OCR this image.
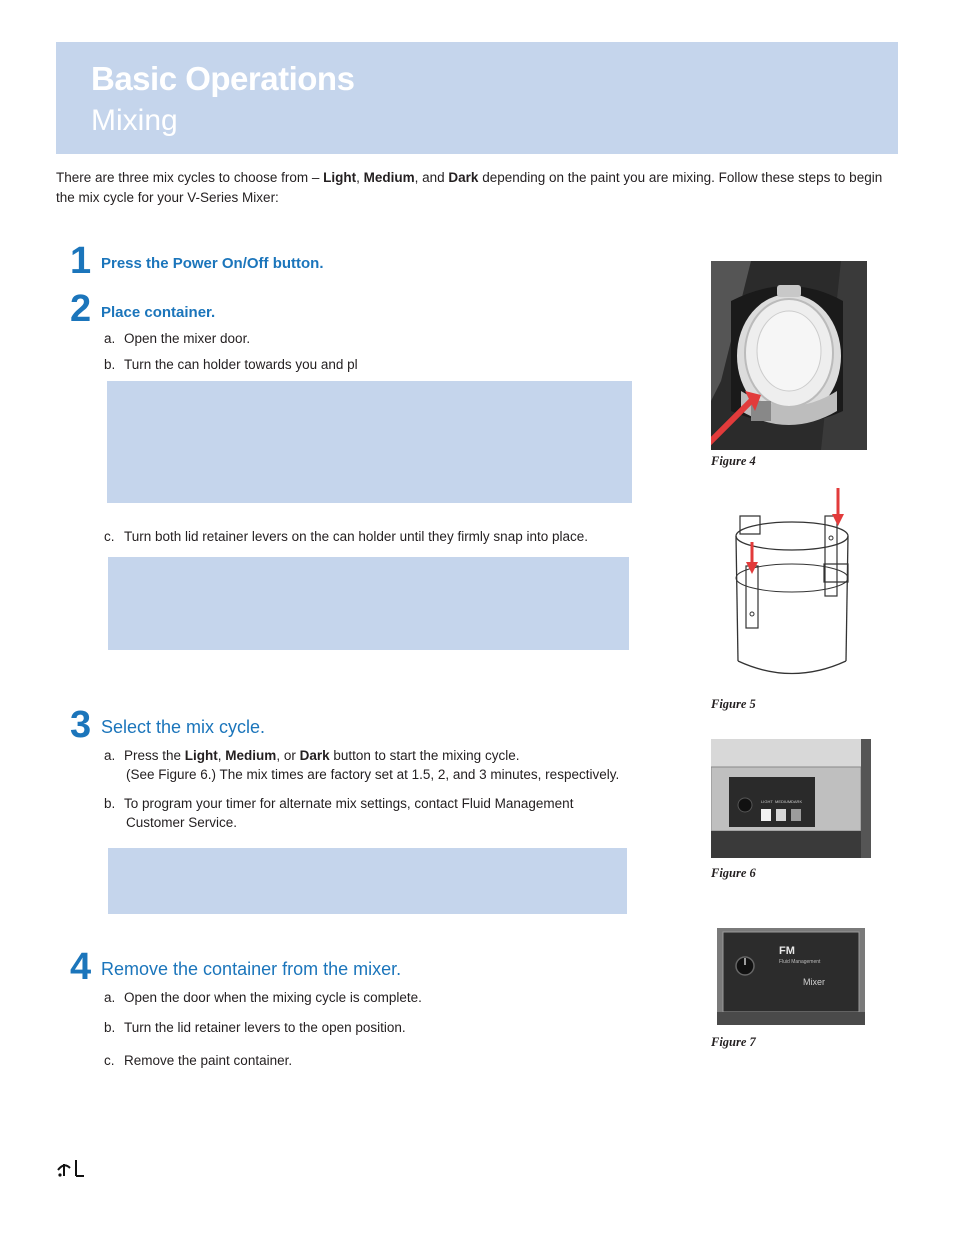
Basic Operations
Mixing
There are three mix cycles to choose from – Light, Medium, and Dark depending on the paint you are mixing. Follow these steps to begin the mix cycle for your V-Series Mixer:
1 Press the Power On/Off button.
2 Place container.
a. Open the mixer door.
b. Turn the can holder towards you and pl
c. Turn both lid retainer levers on the can holder until they firmly snap into place.
3 Select the mix cycle.
a. Press the Light, Medium, or Dark button to start the mixing cycle.
(See Figure 6.) The mix times are factory set at 1.5, 2, and 3 minutes, respectively.
b. To program your timer for alternate mix settings, contact Fluid Management
Customer Service.
4 Remove the container from the mixer.
a. Open the door when the mixing cycle is complete.
b. Turn the lid retainer levers to the open position.
c. Remove the paint container.
Figure 4
Figure 5
LIGHT MEDIUM DARK
Figure 6
FM
Fluid Management
Mixer
Figure 7
